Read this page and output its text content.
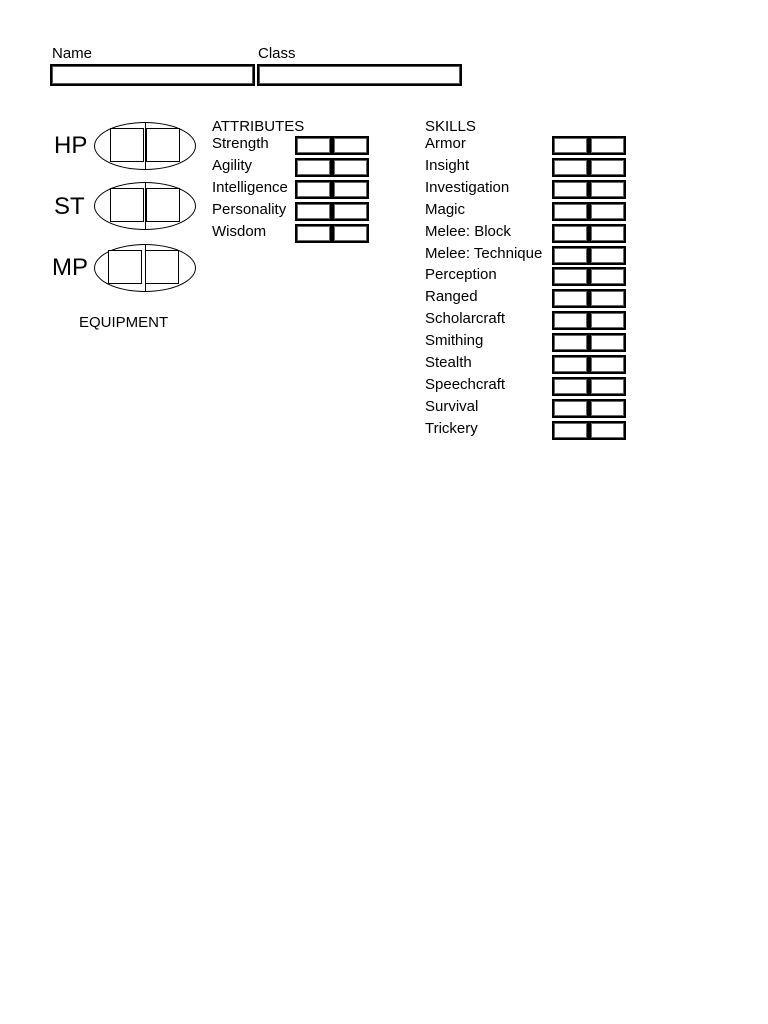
Name	Class
HP
ST
MP
EQUIPMENT
ATTRIBUTES
Strength
Agility
Intelligence
Personality
Wisdom
SKILLS
Armor
Insight
Investigation
Magic
Melee: Block
Melee: Technique
Perception
Ranged
Scholarcraft
Smithing
Stealth
Speechcraft
Survival
Trickery
